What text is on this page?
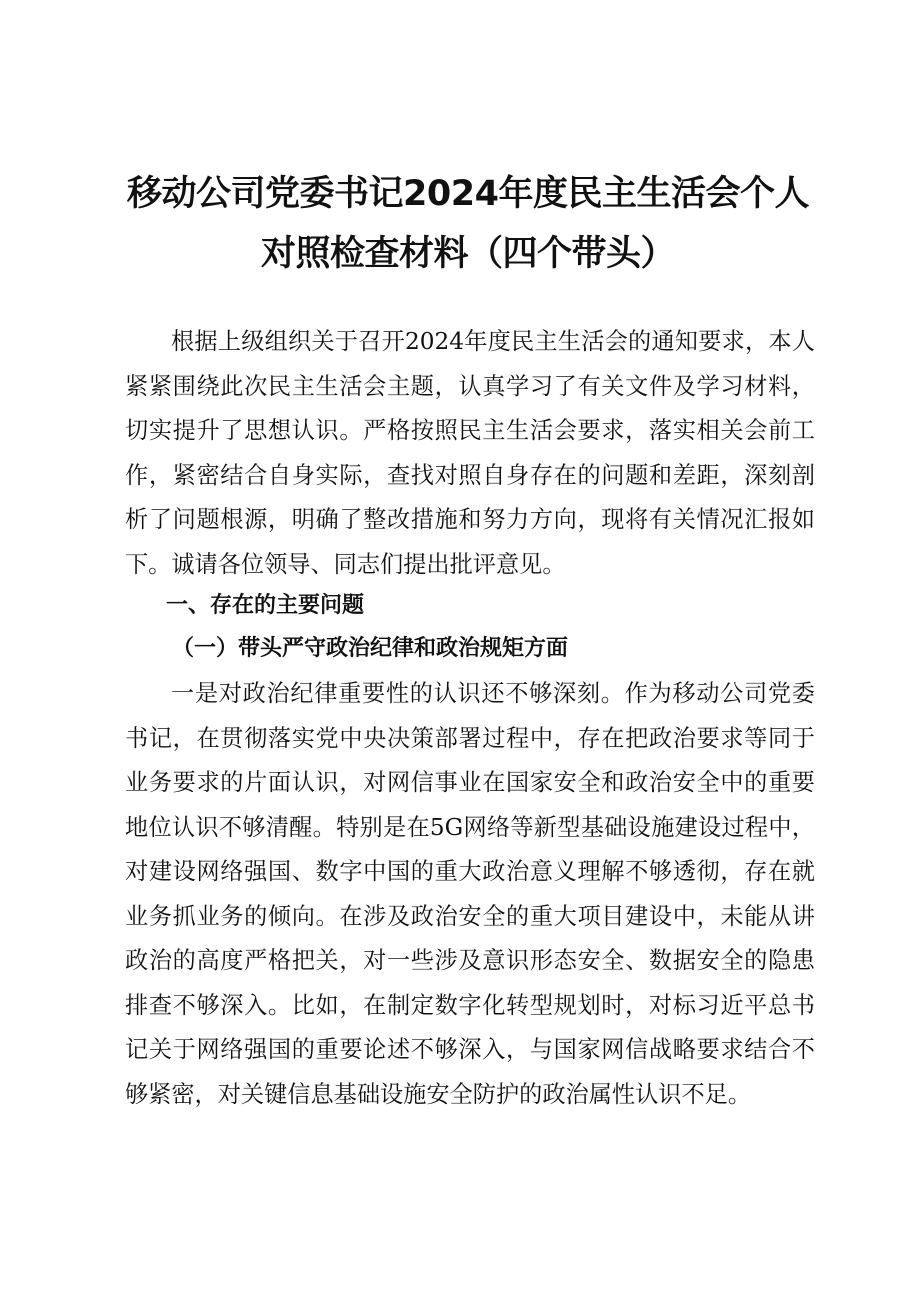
移动公司党委书记2024年度民主生活会个人
对照检查材料（四个带头）

根据上级组织关于召开2024年度民主生活会的通知要求，本人紧紧围绕此次民主生活会主题，认真学习了有关文件及学习材料，切实提升了思想认识。严格按照民主生活会要求，落实相关会前工作，紧密结合自身实际，查找对照自身存在的问题和差距，深刻剖析了问题根源，明确了整改措施和努力方向，现将有关情况汇报如下。诚请各位领导、同志们提出批评意见。

一、存在的主要问题
（一）带头严守政治纪律和政治规矩方面

一是对政治纪律重要性的认识还不够深刻。作为移动公司党委书记，在贯彻落实党中央决策部署过程中，存在把政治要求等同于业务要求的片面认识，对网信事业在国家安全和政治安全中的重要地位认识不够清醒。特别是在5G网络等新型基础设施建设过程中，对建设网络强国、数字中国的重大政治意义理解不够透彻，存在就业务抓业务的倾向。在涉及政治安全的重大项目建设中，未能从讲政治的高度严格把关，对一些涉及意识形态安全、数据安全的隐患排查不够深入。比如，在制定数字化转型规划时，对标习近平总书记关于网络强国的重要论述不够深入，与国家网信战略要求结合不够紧密，对关键信息基础设施安全防护的政治属性认识不足。
